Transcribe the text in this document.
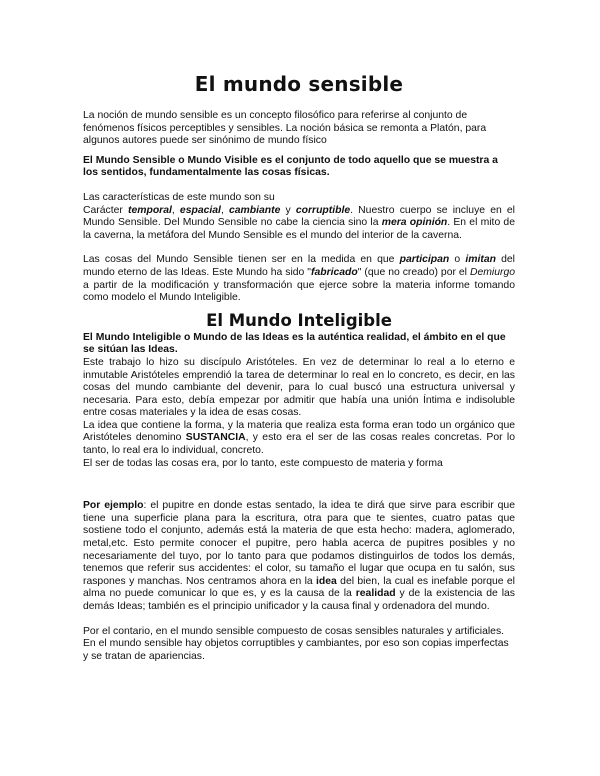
El mundo sensible

La noción de mundo sensible es un concepto filosófico para referirse al conjunto de fenómenos físicos perceptibles y sensibles. La noción básica se remonta a Platón, para algunos autores puede ser sinónimo de mundo físico

El Mundo Sensible o Mundo Visible es el conjunto de todo aquello que se muestra a los sentidos, fundamentalmente las cosas físicas.

Las características de este mundo son su

Carácter temporal, espacial, cambiante y corruptible. Nuestro cuerpo se incluye en el Mundo Sensible. Del Mundo Sensible no cabe la ciencia sino la mera opinión. En el mito de la caverna, la metáfora del Mundo Sensible es el mundo del interior de la caverna.

Las cosas del Mundo Sensible tienen ser en la medida en que participan o imitan del mundo eterno de las Ideas. Este Mundo ha sido "fabricado" (que no creado) por el Demiurgo a partir de la modificación y transformación que ejerce sobre la materia informe tomando como modelo el Mundo Inteligible.

El Mundo Inteligible

El Mundo Inteligible o Mundo de las Ideas es la auténtica realidad, el ámbito en el que se sitúan las Ideas.

Este trabajo lo hizo su discípulo Aristóteles. En vez de determinar lo real a lo eterno e inmutable Aristóteles emprendió la tarea de determinar lo real en lo concreto, es decir, en las cosas del mundo cambiante del devenir, para lo cual buscó una estructura universal y necesaria. Para esto, debía empezar por admitir que había una unión Íntima e indisoluble entre cosas materiales y la idea de esas cosas.

La idea que contiene la forma, y la materia que realiza esta forma eran todo un orgánico que Aristóteles denomino SUSTANCIA, y esto era el ser de las cosas reales concretas. Por lo tanto, lo real era lo individual, concreto.

El ser de todas las cosas era, por lo tanto, este compuesto de materia y forma

Por ejemplo: el pupitre en donde estas sentado, la idea te dirá que sirve para escribir que tiene una superficie plana para la escritura, otra para que te sientes, cuatro patas que sostiene todo el conjunto, además está la materia de que esta hecho: madera, aglomerado, metal,etc. Esto permite conocer el pupitre, pero habla acerca de pupitres posibles y no necesariamente del tuyo, por lo tanto para que podamos distinguirlos de todos los demás, tenemos que referir sus accidentes: el color, su tamaño el lugar que ocupa en tu salón, sus raspones y manchas. Nos centramos ahora en la idea del bien, la cual es inefable porque el alma no puede comunicar lo que es, y es la causa de la realidad y de la existencia de las demás Ideas; también es el principio unificador y la causa final y ordenadora del mundo.

Por el contario, en el mundo sensible compuesto de cosas sensibles naturales y artificiales. En el mundo sensible hay objetos corruptibles y cambiantes, por eso son copias imperfectas y se tratan de apariencias.
